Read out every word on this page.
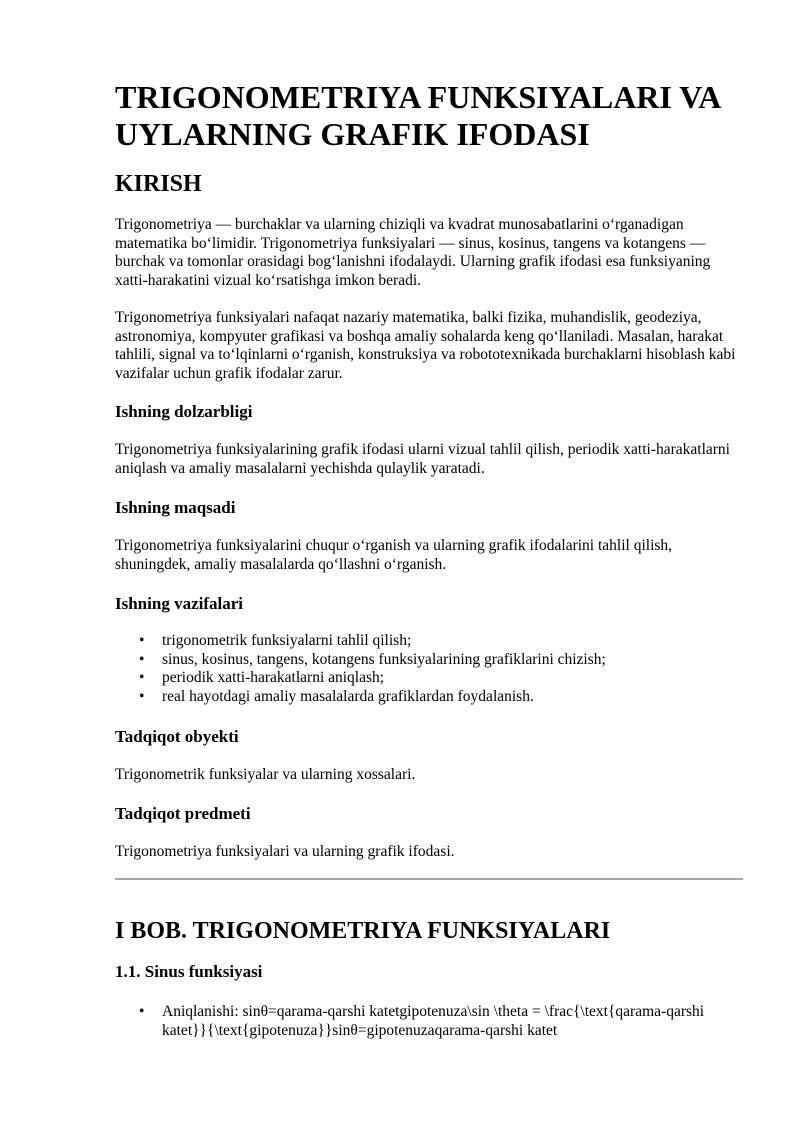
TRIGONOMETRIYA FUNKSIYALARI VA UYLARNING GRAFIK IFODASI
KIRISH

Trigonometriya — burchaklar va ularning chiziqli va kvadrat munosabatlarini o‘rganadigan matematika bo‘limidir. Trigonometriya funksiyalari — sinus, kosinus, tangens va kotangens — burchak va tomonlar orasidagi bog‘lanishni ifodalaydi. Ularning grafik ifodasi esa funksiyaning xatti-harakatini vizual ko‘rsatishga imkon beradi.

Trigonometriya funksiyalari nafaqat nazariy matematika, balki fizika, muhandislik, geodeziya, astronomiya, kompyuter grafikasi va boshqa amaliy sohalarda keng qo‘llaniladi. Masalan, harakat tahlili, signal va to‘lqinlarni o‘rganish, konstruksiya va robototexnikada burchaklarni hisoblash kabi vazifalar uchun grafik ifodalar zarur.

Ishning dolzarbligi

Trigonometriya funksiyalarining grafik ifodasi ularni vizual tahlil qilish, periodik xatti-harakatlarni aniqlash va amaliy masalalarni yechishda qulaylik yaratadi.

Ishning maqsadi

Trigonometriya funksiyalarini chuqur o‘rganish va ularning grafik ifodalarini tahlil qilish, shuningdek, amaliy masalalarda qo‘llashni o‘rganish.

Ishning vazifalari
• trigonometrik funksiyalarni tahlil qilish;
• sinus, kosinus, tangens, kotangens funksiyalarining grafiklarini chizish;
• periodik xatti-harakatlarni aniqlash;
• real hayotdagi amaliy masalalarda grafiklardan foydalanish.
Tadqiqot obyekti

Trigonometrik funksiyalar va ularning xossalari.

Tadqiqot predmeti

Trigonometriya funksiyalari va ularning grafik ifodasi.

I BOB. TRIGONOMETRIYA FUNKSIYALARI
1.1. Sinus funksiyasi
• Aniqlanishi: sinθ=qarama-qarshi katetgipotenuza\sin \theta = \frac{\text{qarama-qarshi katet}}{\text{gipotenuza}}sinθ=gipotenuzaqarama-qarshi katet
